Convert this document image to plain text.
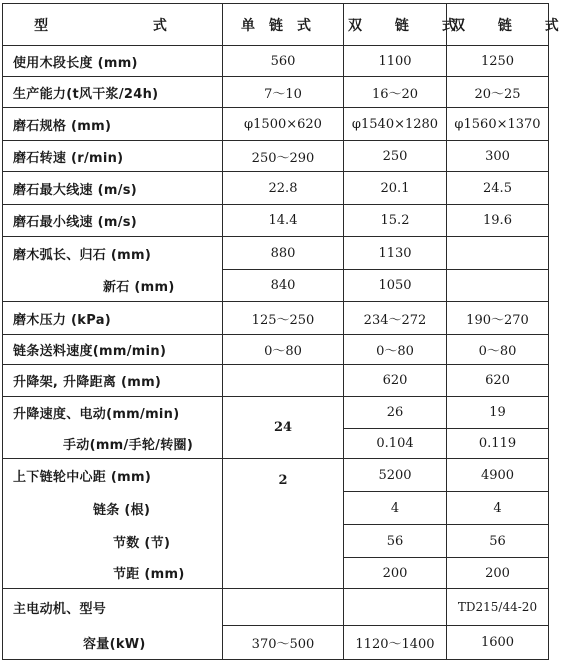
型 式	单链式	双 链 式	双 链 式
使用木段长度 (mm)	560	1100	1250
生产能力(t风干浆/24h)	7～10	16～20	20～25
磨石规格 (mm)	φ1500×620	φ1540×1280	φ1560×1370
磨石转速 (r/min)	250～290	250	300
磨石最大线速 (m/s)	22.8	20.1	24.5
磨石最小线速 (m/s)	14.4	15.2	19.6
磨木弧长、归石 (mm)	880	1130	
新石 (mm)	840	1050	
磨木压力 (kPa)	125～250	234～272	190～270
链条送料速度(mm/min)	0～80	0～80	0～80
升降架, 升降距离 (mm)		620	620
升降速度、电动(mm/min)	24	26	19
手动(mm/手轮/转圈)		0.104	0.119
上下链轮中心距 (mm)	2	5200	4900
链条 (根)		4	4
节数 (节)		56	56
节距 (mm)		200	200
主电动机、型号			TD215/44-20
容量(kW)	370～500	1120～1400	1600
